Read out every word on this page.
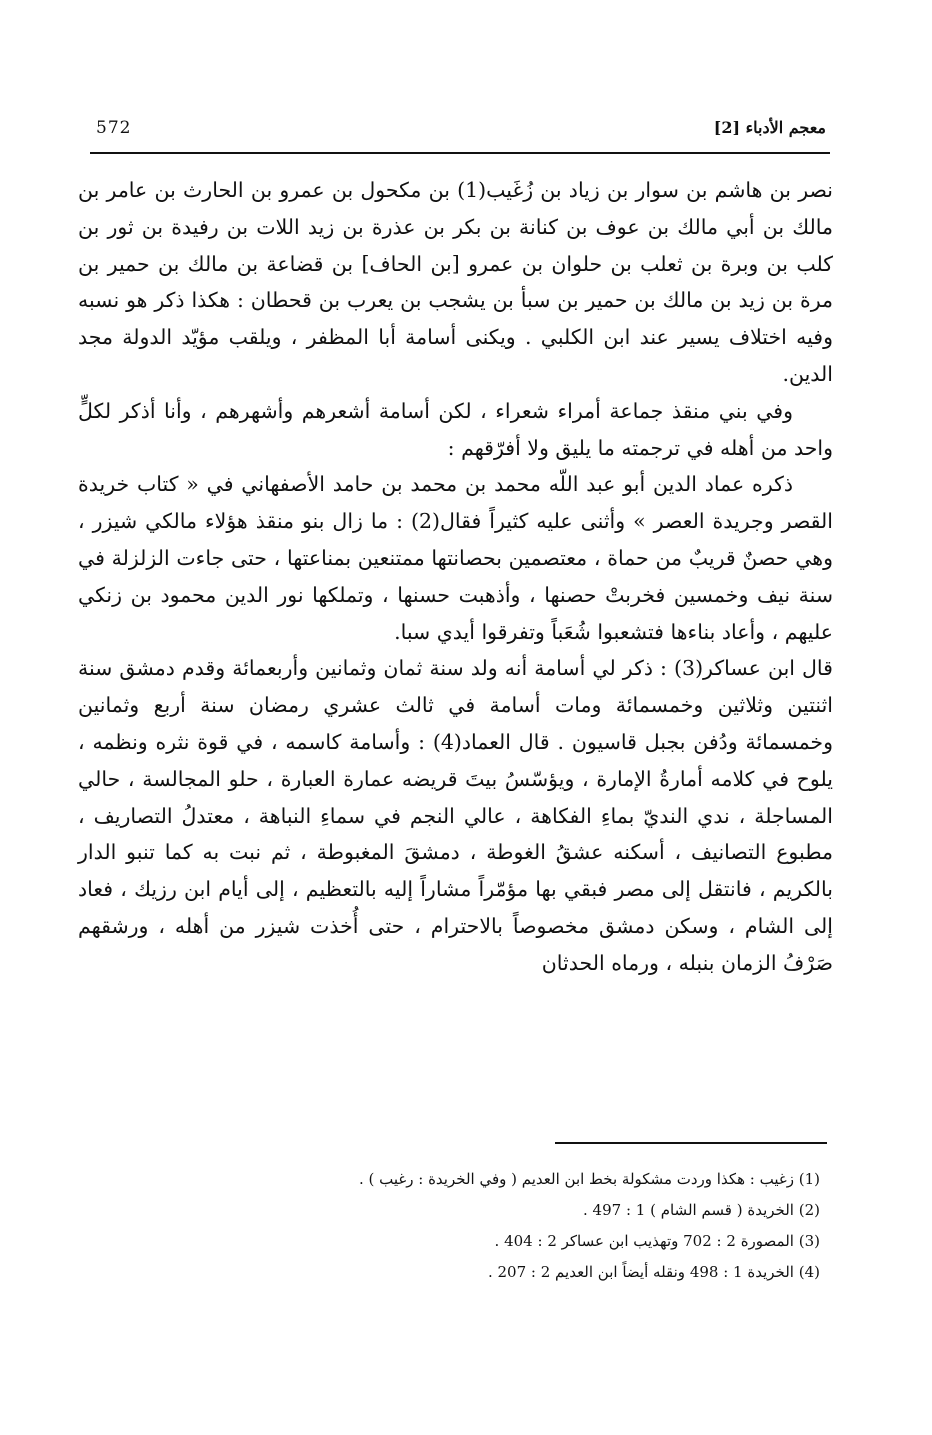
572	معجم الأدباء [2]

نصر بن هاشم بن سوار بن زياد بن زُغَيب(1) بن مكحول بن عمرو بن الحارث بن عامر بن مالك بن أبي مالك بن عوف بن كنانة بن بكر بن عذرة بن زيد اللات بن رفيدة بن ثور بن كلب بن وبرة بن ثعلب بن حلوان بن عمرو [بن الحاف] بن قضاعة بن مالك بن حمير بن مرة بن زيد بن مالك بن حمير بن سبأ بن يشجب بن يعرب بن قحطان : هكذا ذكر هو نسبه وفيه اختلاف يسير عند ابن الكلبي . ويكنى أسامة أبا المظفر ، ويلقب مؤيّد الدولة مجد الدين.

وفي بني منقذ جماعة أمراء شعراء ، لكن أسامة أشعرهم وأشهرهم ، وأنا أذكر لكلٍّ واحد من أهله في ترجمته ما يليق ولا أفرّقهم :

ذكره عماد الدين أبو عبد اللّه محمد بن محمد بن حامد الأصفهاني في « كتاب خريدة القصر وجريدة العصر » وأثنى عليه كثيراً فقال(2) : ما زال بنو منقذ هؤلاء مالكي شيزر ، وهي حصنٌ قريبٌ من حماة ، معتصمين بحصانتها ممتنعين بمناعتها ، حتى جاءت الزلزلة في سنة نيف وخمسين فخربتْ حصنها ، وأذهبت حسنها ، وتملكها نور الدين محمود بن زنكي عليهم ، وأعاد بناءها فتشعبوا شُعَباً وتفرقوا أيدي سبا.

قال ابن عساكر(3) : ذكر لي أسامة أنه ولد سنة ثمان وثمانين وأربعمائة وقدم دمشق سنة اثنتين وثلاثين وخمسمائة ومات أسامة في ثالث عشري رمضان سنة أربع وثمانين وخمسمائة ودُفن بجبل قاسيون . قال العماد(4) : وأسامة كاسمه ، في قوة نثره ونظمه ، يلوح في كلامه أمارةُ الإمارة ، ويؤسّسُ بيتَ قريضه عمارة العبارة ، حلو المجالسة ، حالي المساجلة ، ندي النديّ بماءِ الفكاهة ، عالي النجم في سماءِ النباهة ، معتدلُ التصاريف ، مطبوع التصانيف ، أسكنه عشقُ الغوطة ، دمشقَ المغبوطة ، ثم نبت به كما تنبو الدار بالكريم ، فانتقل إلى مصر فبقي بها مؤمّراً مشاراً إليه بالتعظيم ، إلى أيام ابن رزيك ، فعاد إلى الشام ، وسكن دمشق مخصوصاً بالاحترام ، حتى أُخذت شيزر من أهله ، ورشقهم صَرْفُ الزمان بنبله ، ورماه الحدثان

(1) زغيب : هكذا وردت مشكولة بخط ابن العديم ( وفي الخريدة : رغيب ) .

(2) الخريدة ( قسم الشام ) 1 : 497 .

(3) المصورة 2 : 702 وتهذيب ابن عساكر 2 : 404 .

(4) الخريدة 1 : 498 ونقله أيضاً ابن العديم 2 : 207 .
